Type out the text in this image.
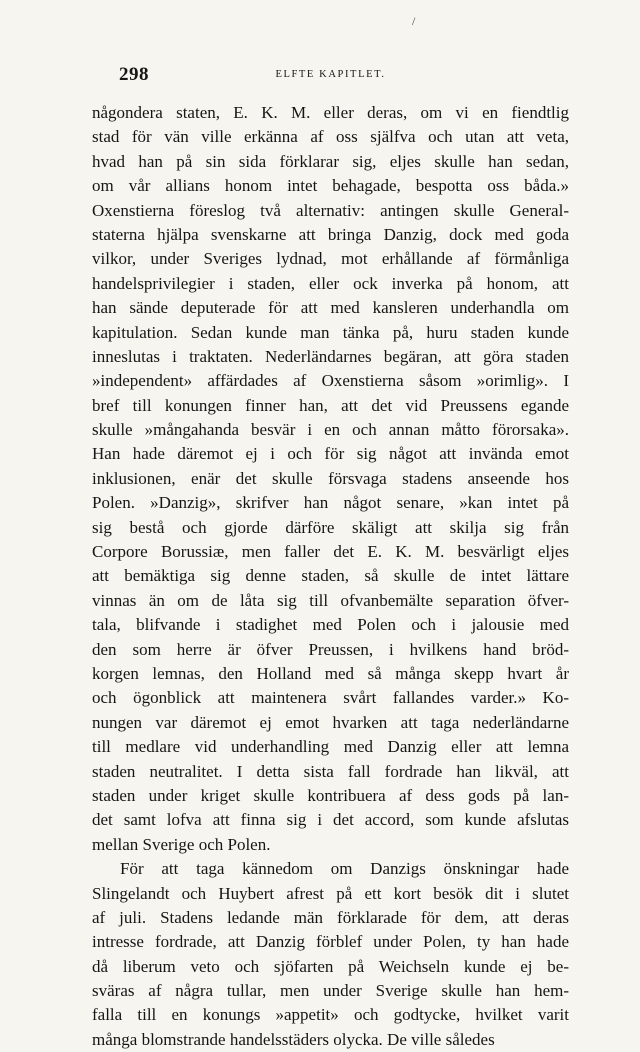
/
298	ELFTE KAPITLET.
någondera staten, E. K. M. eller deras, om vi en fiendtlig
stad för vän ville erkänna af oss själfva och utan att veta,
hvad han på sin sida förklarar sig, eljes skulle han sedan,
om vår allians honom intet behagade, bespotta oss båda.»
Oxenstierna föreslog två alternativ: antingen skulle General-
staterna hjälpa svenskarne att bringa Danzig, dock med goda
vilkor, under Sveriges lydnad, mot erhållande af förmånliga
handelsprivilegier i staden, eller ock inverka på honom, att
han sände deputerade för att med kansleren underhandla om
kapitulation. Sedan kunde man tänka på, huru staden kunde
inneslutas i traktaten. Nederländarnes begäran, att göra staden
»independent» affärdades af Oxenstierna såsom »orimlig». I
bref till konungen finner han, att det vid Preussens egande
skulle »mångahanda besvär i en och annan måtto förorsaka».
Han hade däremot ej i och för sig något att invända emot
inklusionen, enär det skulle försvaga stadens anseende hos
Polen. »Danzig», skrifver han något senare, »kan intet på
sig bestå och gjorde därföre skäligt att skilja sig från
Corpore Borussiæ, men faller det E. K. M. besvärligt eljes
att bemäktiga sig denne staden, så skulle de intet lättare
vinnas än om de låta sig till ofvanbemälte separation öfver-
tala, blifvande i stadighet med Polen och i jalousie med
den som herre är öfver Preussen, i hvilkens hand bröd-
korgen lemnas, den Holland med så många skepp hvart år
och ögonblick att maintenera svårt fallandes varder.» Ko-
nungen var däremot ej emot hvarken att taga nederländarne
till medlare vid underhandling med Danzig eller att lemna
staden neutralitet. I detta sista fall fordrade han likväl, att
staden under kriget skulle kontribuera af dess gods på lan-
det samt lofva att finna sig i det accord, som kunde afslutas
mellan Sverige och Polen.
För att taga kännedom om Danzigs önskningar hade
Slingelandt och Huybert afrest på ett kort besök dit i slutet
af juli. Stadens ledande män förklarade för dem, att deras
intresse fordrade, att Danzig förblef under Polen, ty han hade
då liberum veto och sjöfarten på Weichseln kunde ej be-
sväras af några tullar, men under Sverige skulle han hem-
falla till en konungs »appetit» och godtycke, hvilket varit
många blomstrande handelsstäders olycka. De ville således
